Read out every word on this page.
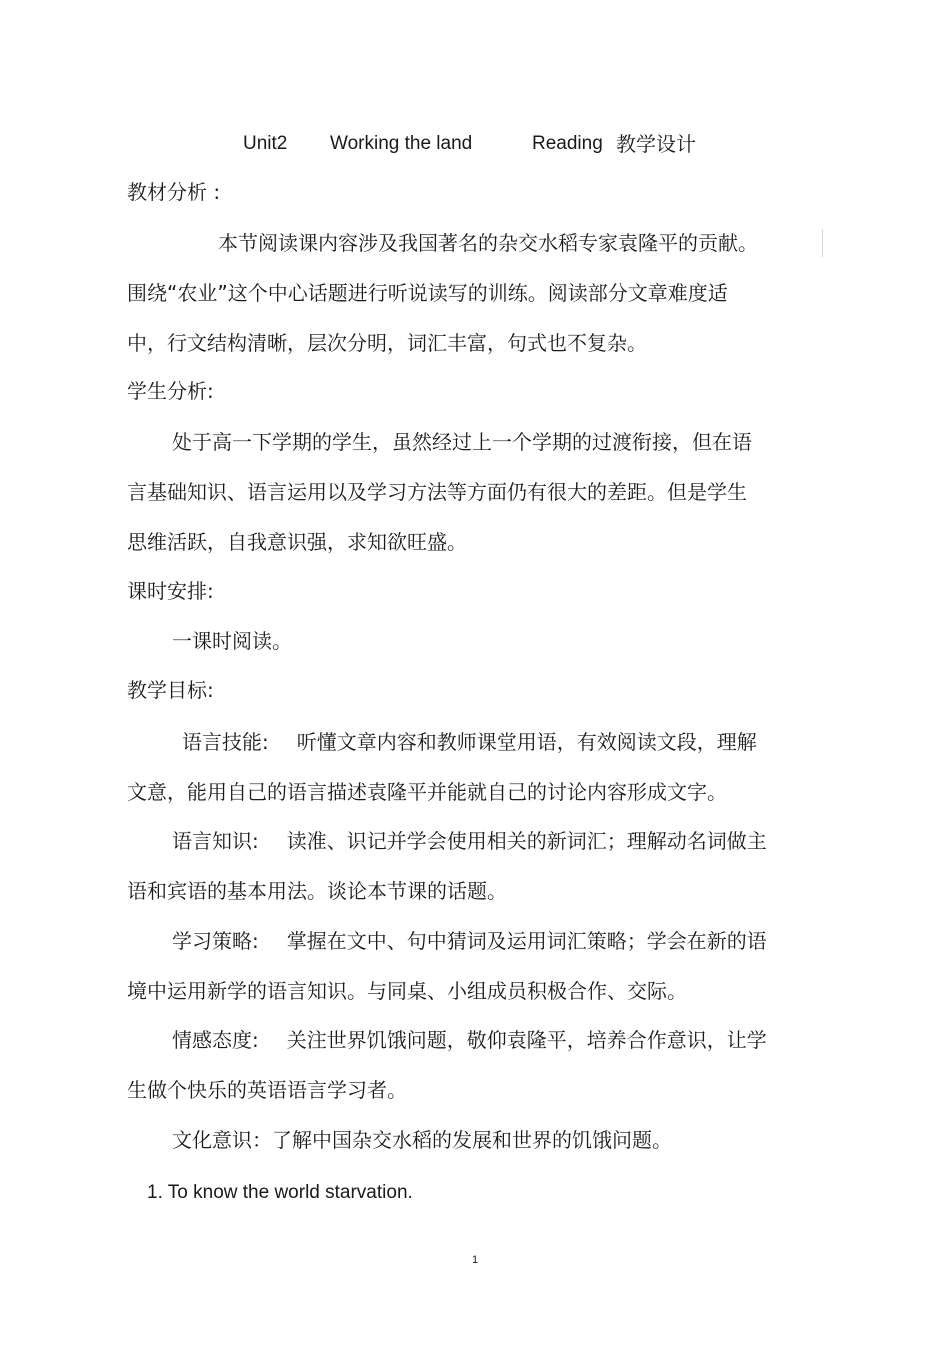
Unit2 Working the land	Reading 教学设计
教材分析 :
本节阅读课内容涉及我国著名的杂交水稻专家袁隆平的贡献。
围绕“农业”这个中心话题进行听说读写的训练。阅读部分文章难度适
中，行文结构清晰，层次分明，词汇丰富，句式也不复杂。
学生分析:
处于高一下学期的学生，虽然经过上一个学期的过渡衔接，但在语
言基础知识、语言运用以及学习方法等方面仍有很大的差距。但是学生
思维活跃，自我意识强，求知欲旺盛。
课时安排:
一课时阅读。
教学目标:
语言技能: 听懂文章内容和教师课堂用语，有效阅读文段，理解
文意，能用自己的语言描述袁隆平并能就自己的讨论内容形成文字。
语言知识: 读准、识记并学会使用相关的新词汇；理解动名词做主
语和宾语的基本用法。谈论本节课的话题。
学习策略: 掌握在文中、句中猜词及运用词汇策略；学会在新的语
境中运用新学的语言知识。与同桌、小组成员积极合作、交际。
情感态度: 关注世界饥饿问题，敬仰袁隆平，培养合作意识，让学
生做个快乐的英语语言学习者。
文化意识：了解中国杂交水稻的发展和世界的饥饿问题。
1. To know the world starvation.
1
